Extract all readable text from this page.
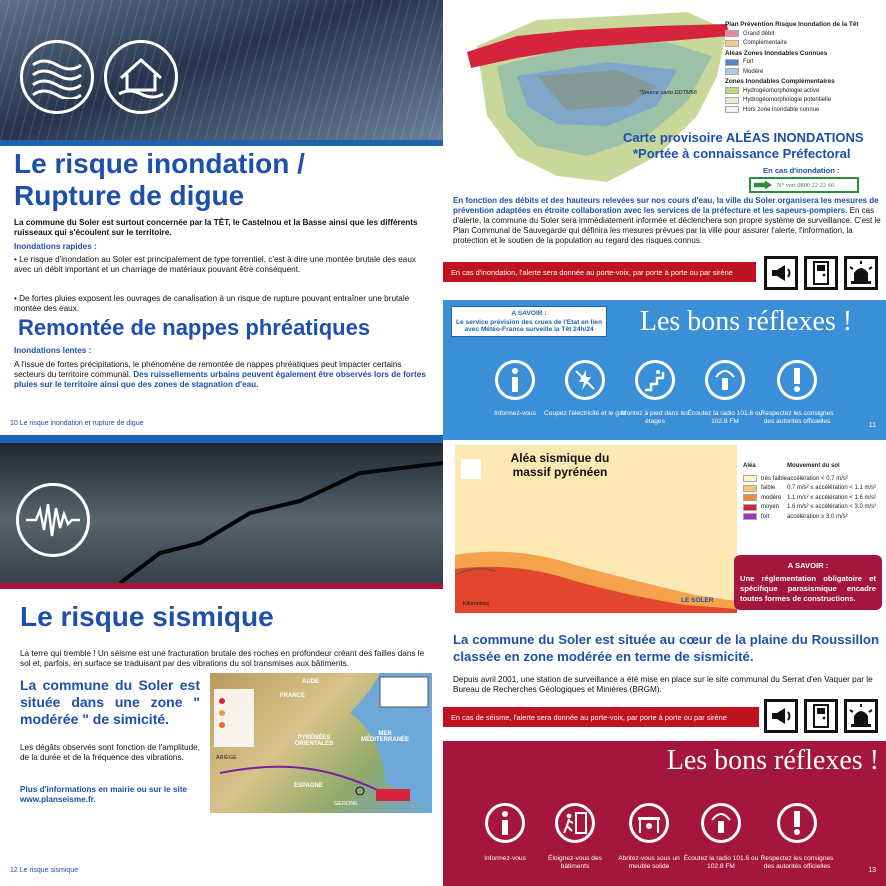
Le risque inondation /
Rupture de digue
La commune du Soler est surtout concernée par la TÊT, le Castelnou et la Basse ainsi que les différents ruisseaux qui s'écoulent sur le territoire.
Inondations rapides :
• Le risque d'inondation au Soler est principalement de type torrentiel, c'est à dire une montée brutale des eaux avec un débit important et un charriage de matériaux pouvant être conséquent.
• De fortes pluies exposent les ouvrages de canalisation à un risque de rupture pouvant entraîner une brutale montée des eaux.
Remontée de nappes phréatiques
Inondations lentes :
A l'issue de fortes précipitations, le phénomène de remontée de nappes phréatiques peut impacter certains secteurs du territoire communal. Des ruissellements urbains peuvent également être observés lors de fortes pluies sur le territoire ainsi que des zones de stagnation d'eau.
10 Le risque inondation et rupture de digue
*Source carto DDTM66
Plan Prévention Risque Inondation de la Têt
Grand débit
Complémentaire
Aléas Zones Inondables Connues
Fort
Modéré
Zones Inondables Complémentaires
Hydrogéomorphologie active
Hydrogéomorphologie potentielle
Hors zone inondable connue
Carte provisoire ALÉAS INONDATIONS
*Portée à connaissance Préfectoral
En cas d'inondation :
N° vert 0800 22 22 66
En fonction des débits et des hauteurs relevées sur nos cours d'eau, la ville du Soler organisera les mesures de prévention adaptées en étroite collaboration avec les services de la préfecture et les sapeurs-pompiers. En cas d'alerte, la commune du Soler sera immédiatement informée et déclenchera son propre système de surveillance. C'est le Plan Communal de Sauvegarde qui définira les mesures prévues par la ville pour assurer l'alerte, l'information, la protection et le soutien de la population au regard des risques connus.
En cas d'inondation, l'alerte sera donnée au porte-voix, par porte à porte ou par sirène
A SAVOIR :
Le service prévision des crues de l'Etat en lien avec Météo-France surveille la Têt 24h/24	Les bons réflexes !
Informez-vous	Coupez l'électricité et le gaz
Montez à pied dans les étages
Écoutez la radio 101.6 ou 102.8 FM
Respectez les consignes des autorités officielles
11
Le risque sismique
La terre qui tremble ! Un séisme est une fracturation brutale des roches en profondeur créant des failles dans le sol et, parfois, en surface se traduisant par des vibrations du sol transmises aux bâtiments.
La commune du Soler est située dans une zone " modérée " de simicité.
Les dégâts observés sont fonction de l'amplitude, de la durée et de la fréquence des vibrations.
Plus d'informations en mairie ou sur le site www.planseisme.fr.
AUDE
FRANCE
ARIÈGE
PYRÉNÉES ORIENTALES
MER MÉDITERRANÉE
ESPAGNE
GERONE
12 Le risque sismique
Aléa sismique du massif pyrénéen
LE SOLER
Kilometres
Aléa	Mouvement du sol
très faible accélération < 0.7 m/s²
faible	0.7 m/s² ≤ accélération < 1.1 m/s²
modéré 1.1 m/s² ≤ accélération < 1.6 m/s²
moyen	1.6 m/s² ≤ accélération < 3.0 m/s²
fort	accélération ≥ 3.0 m/s²
A SAVOIR :
Une réglementation obligatoire et spécifique parasismique encadre toutes formes de constructions.
La commune du Soler est située au cœur de la plaine du Roussillon classée en zone modérée en terme de sismicité.
Depuis avril 2001, une station de surveillance a été mise en place sur le site communal du Serrat d'en Vaquer par le Bureau de Recherches Géologiques et Minières (BRGM).
En cas de séisme, l'alerte sera donnée au porte-voix, par porte à porte ou par sirène
Les bons réflexes !
Informez-vous	Éloignez-vous des bâtiments
Abritez-vous sous un meuble solide
Écoutez la radio 101.6 ou 102.8 FM
Respectez les consignes des autorités officielles
13
